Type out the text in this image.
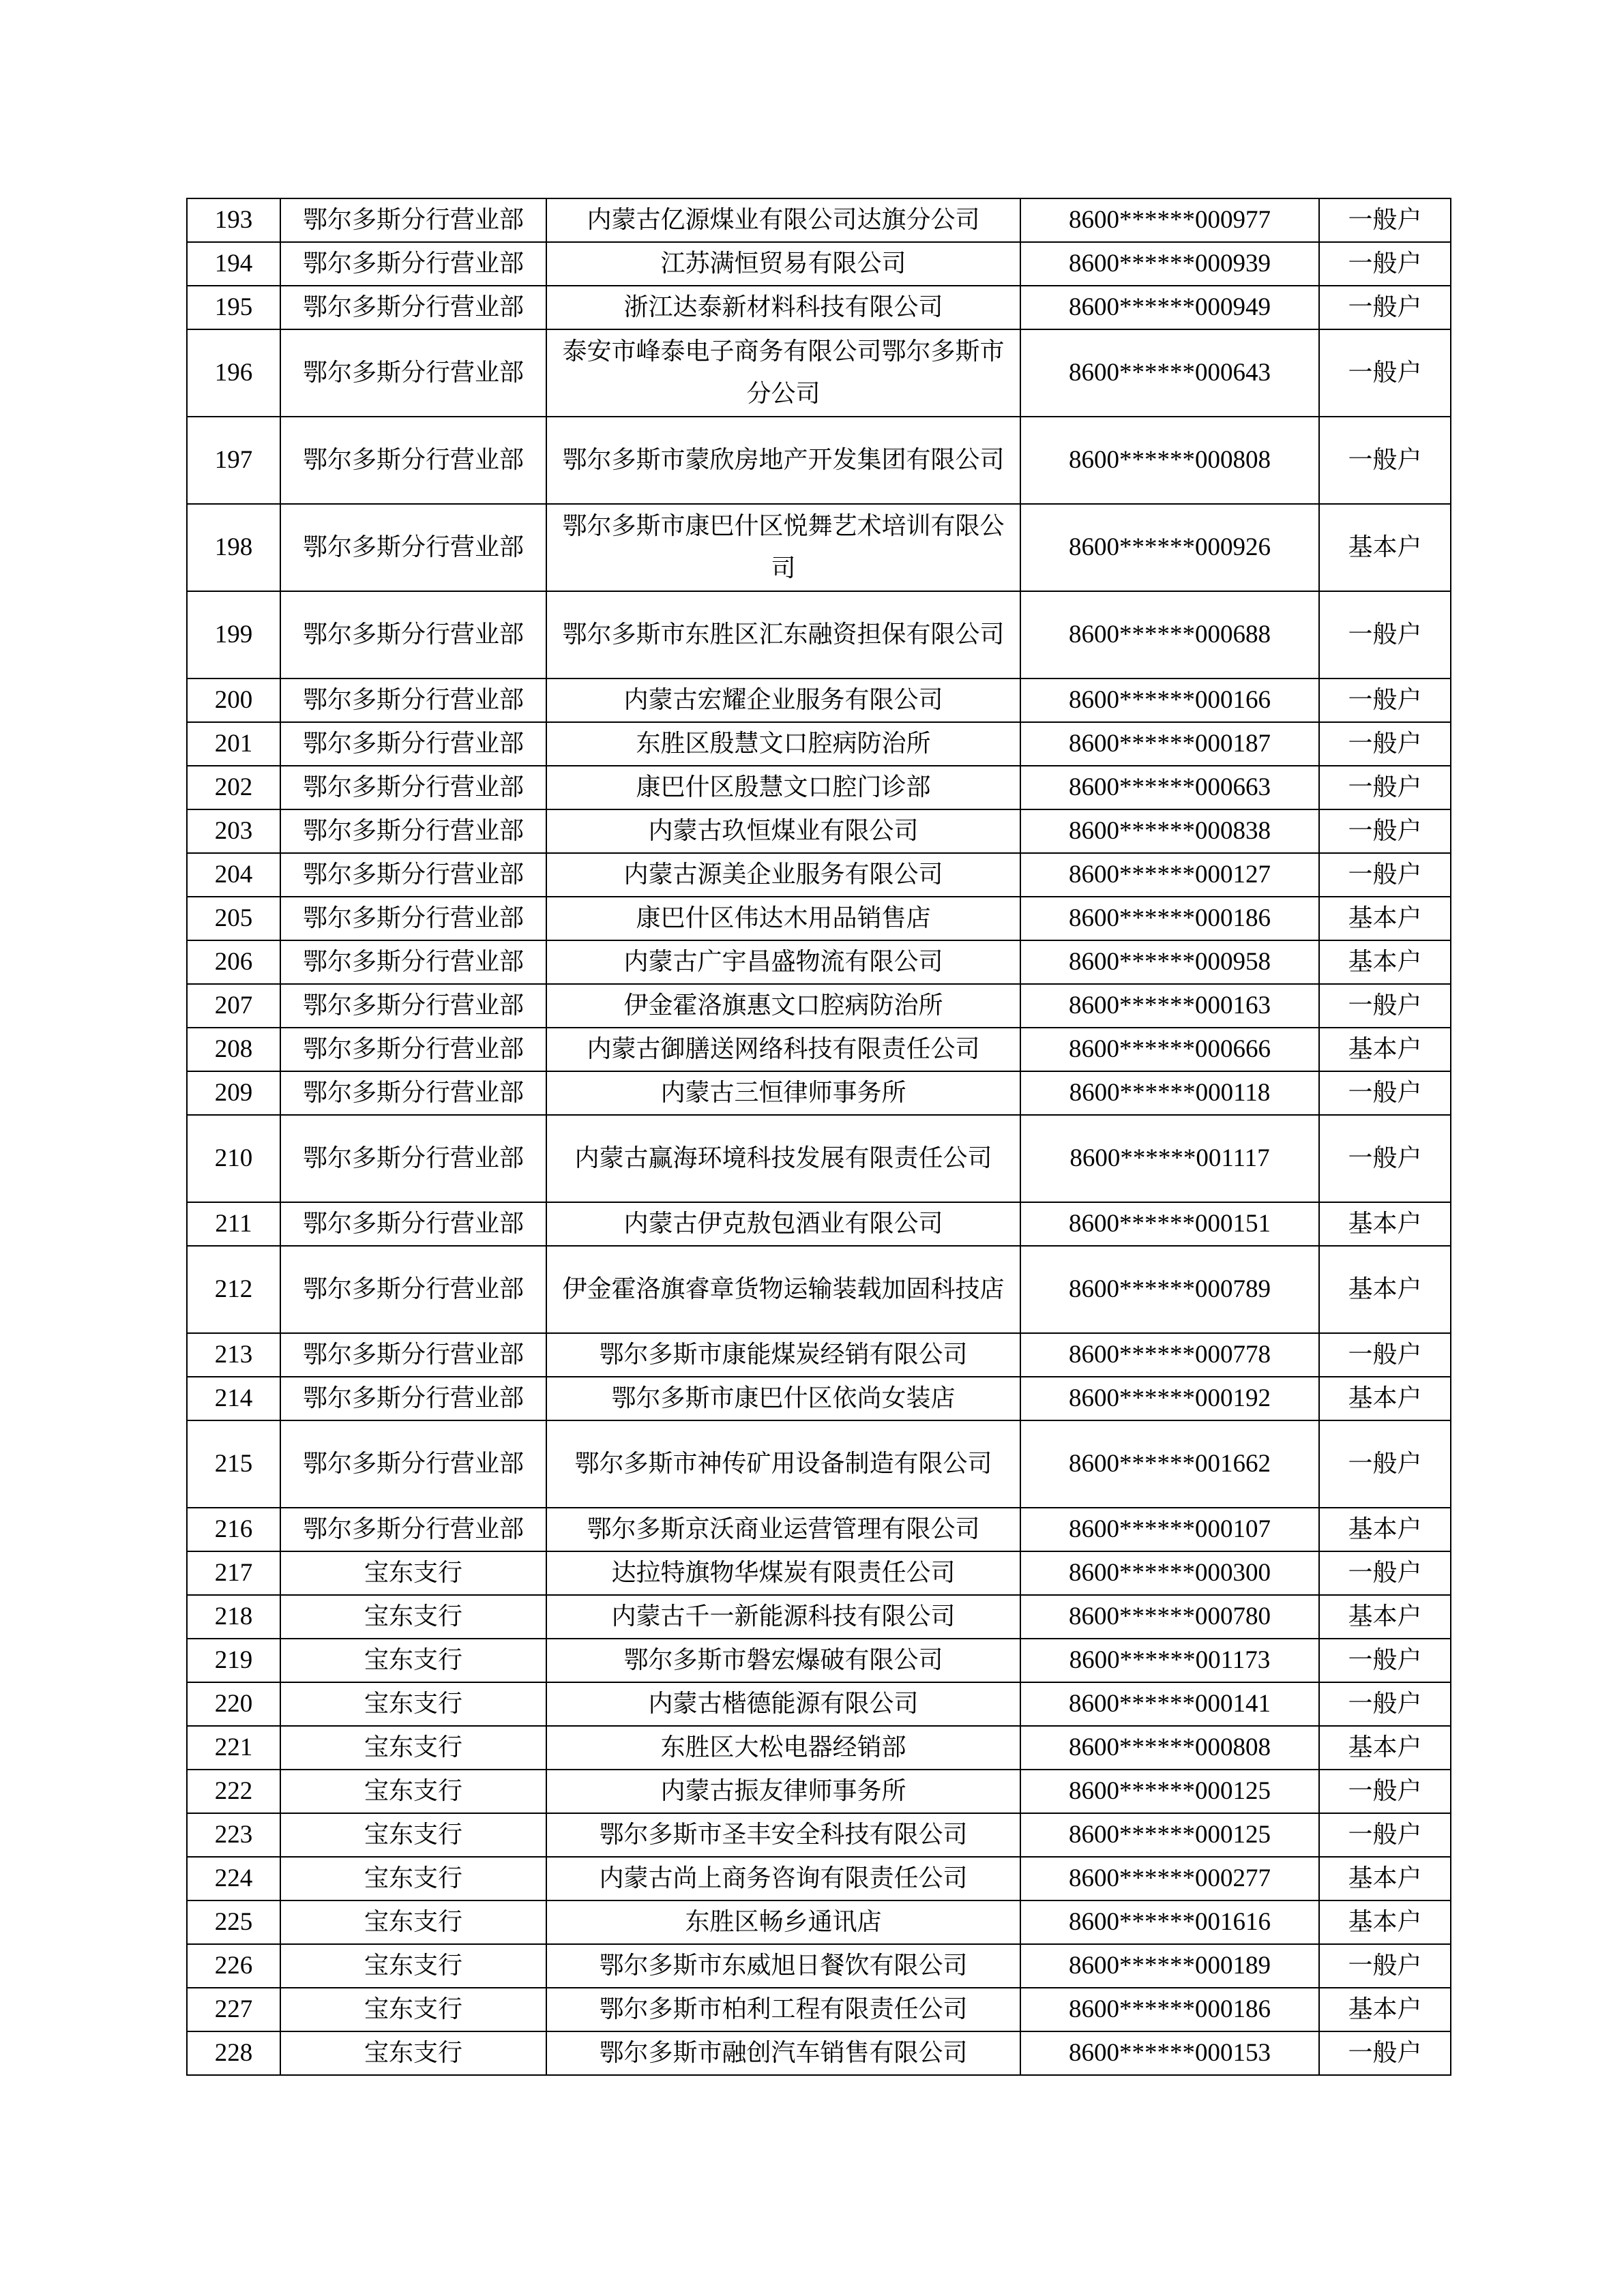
193	鄂尔多斯分行营业部	内蒙古亿源煤业有限公司达旗分公司	8600******000977	一般户
194	鄂尔多斯分行营业部	江苏满恒贸易有限公司	8600******000939	一般户
195	鄂尔多斯分行营业部	浙江达泰新材料科技有限公司	8600******000949	一般户
196	鄂尔多斯分行营业部	泰安市峰泰电子商务有限公司鄂尔多斯市分公司	8600******000643	一般户
197	鄂尔多斯分行营业部	鄂尔多斯市蒙欣房地产开发集团有限公司	8600******000808	一般户
198	鄂尔多斯分行营业部	鄂尔多斯市康巴什区悦舞艺术培训有限公司	8600******000926	基本户
199	鄂尔多斯分行营业部	鄂尔多斯市东胜区汇东融资担保有限公司	8600******000688	一般户
200	鄂尔多斯分行营业部	内蒙古宏耀企业服务有限公司	8600******000166	一般户
201	鄂尔多斯分行营业部	东胜区殷慧文口腔病防治所	8600******000187	一般户
202	鄂尔多斯分行营业部	康巴什区殷慧文口腔门诊部	8600******000663	一般户
203	鄂尔多斯分行营业部	内蒙古玖恒煤业有限公司	8600******000838	一般户
204	鄂尔多斯分行营业部	内蒙古源美企业服务有限公司	8600******000127	一般户
205	鄂尔多斯分行营业部	康巴什区伟达木用品销售店	8600******000186	基本户
206	鄂尔多斯分行营业部	内蒙古广宇昌盛物流有限公司	8600******000958	基本户
207	鄂尔多斯分行营业部	伊金霍洛旗惠文口腔病防治所	8600******000163	一般户
208	鄂尔多斯分行营业部	内蒙古御膳送网络科技有限责任公司	8600******000666	基本户
209	鄂尔多斯分行营业部	内蒙古三恒律师事务所	8600******000118	一般户
210	鄂尔多斯分行营业部	内蒙古赢海环境科技发展有限责任公司	8600******001117	一般户
211	鄂尔多斯分行营业部	内蒙古伊克敖包酒业有限公司	8600******000151	基本户
212	鄂尔多斯分行营业部	伊金霍洛旗睿章货物运输装载加固科技店	8600******000789	基本户
213	鄂尔多斯分行营业部	鄂尔多斯市康能煤炭经销有限公司	8600******000778	一般户
214	鄂尔多斯分行营业部	鄂尔多斯市康巴什区依尚女装店	8600******000192	基本户
215	鄂尔多斯分行营业部	鄂尔多斯市神传矿用设备制造有限公司	8600******001662	一般户
216	鄂尔多斯分行营业部	鄂尔多斯京沃商业运营管理有限公司	8600******000107	基本户
217	宝东支行	达拉特旗物华煤炭有限责任公司	8600******000300	一般户
218	宝东支行	内蒙古千一新能源科技有限公司	8600******000780	基本户
219	宝东支行	鄂尔多斯市磐宏爆破有限公司	8600******001173	一般户
220	宝东支行	内蒙古楷德能源有限公司	8600******000141	一般户
221	宝东支行	东胜区大松电器经销部	8600******000808	基本户
222	宝东支行	内蒙古振友律师事务所	8600******000125	一般户
223	宝东支行	鄂尔多斯市圣丰安全科技有限公司	8600******000125	一般户
224	宝东支行	内蒙古尚上商务咨询有限责任公司	8600******000277	基本户
225	宝东支行	东胜区畅乡通讯店	8600******001616	基本户
226	宝东支行	鄂尔多斯市东威旭日餐饮有限公司	8600******000189	一般户
227	宝东支行	鄂尔多斯市柏利工程有限责任公司	8600******000186	基本户
228	宝东支行	鄂尔多斯市融创汽车销售有限公司	8600******000153	一般户
